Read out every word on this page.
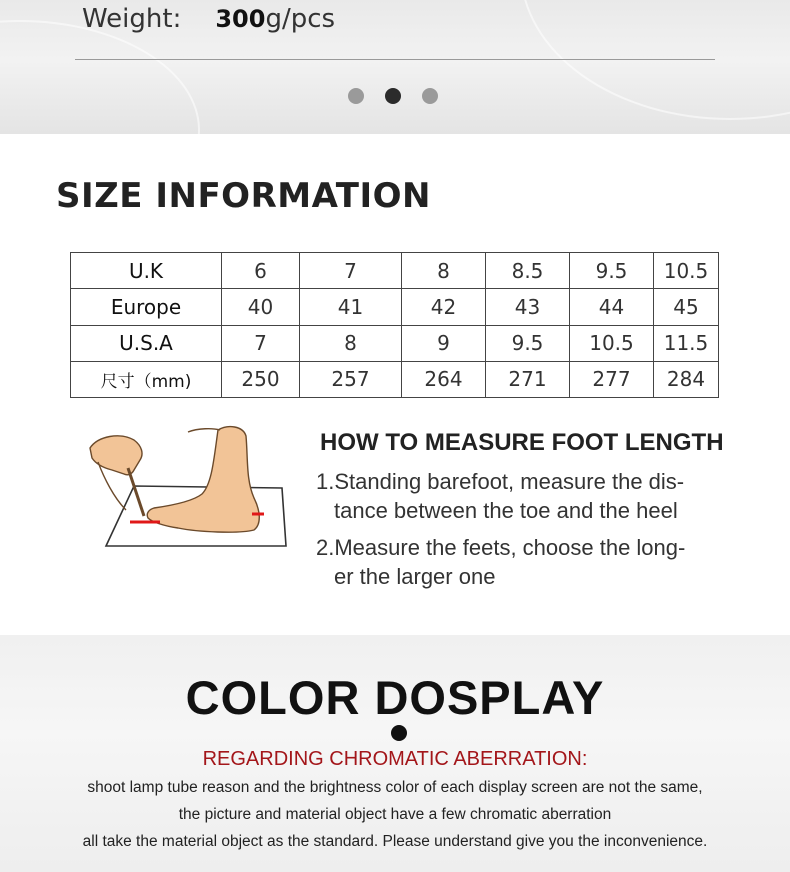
Weight: 300 g/pcs
SIZE INFORMATION
U.K	6	7	8	8.5	9.5	10.5
Europe	40	41	42	43	44	45
U.S.A	7	8	9	9.5	10.5	11.5
尺寸（mm)	250	257	264	271	277	284
HOW TO MEASURE FOOT LENGTH
1.Standing barefoot, measure the dis-
tance between the toe and the heel
2.Measure the feets, choose the long-
er the larger one
COLOR DOSPLAY
REGARDING CHROMATIC ABERRATION:
shoot lamp tube reason and the brightness color of each display screen are not the same,
the picture and material object have a few chromatic aberration
all take the material object as the standard. Please understand give you the inconvenience.
